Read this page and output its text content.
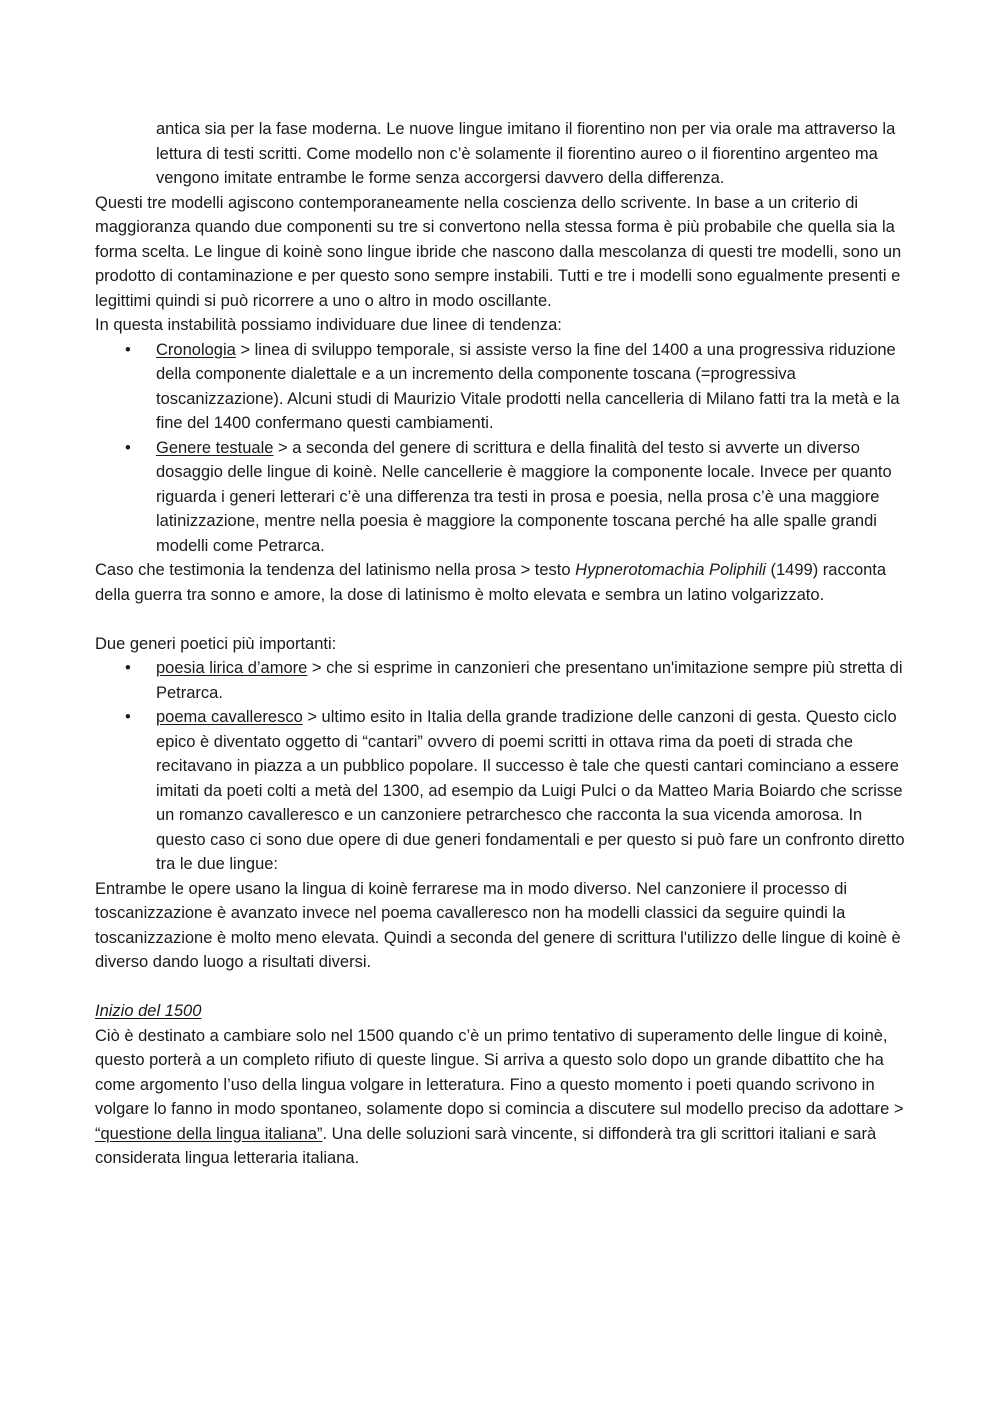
antica sia per la fase moderna. Le nuove lingue imitano il fiorentino non per via orale ma attraverso la lettura di testi scritti. Come modello non c’è solamente il fiorentino aureo o il fiorentino argenteo ma vengono imitate entrambe le forme senza accorgersi davvero della differenza.

Questi tre modelli agiscono contemporaneamente nella coscienza dello scrivente. In base a un criterio di maggioranza quando due componenti su tre si convertono nella stessa forma è più probabile che quella sia la forma scelta. Le lingue di koinè sono lingue ibride che nascono dalla mescolanza di questi tre modelli, sono un prodotto di contaminazione e per questo sono sempre instabili. Tutti e tre i modelli sono egualmente presenti e legittimi quindi si può ricorrere a uno o altro in modo oscillante.

In questa instabilità possiamo individuare due linee di tendenza:

• Cronologia > linea di sviluppo temporale, si assiste verso la fine del 1400 a una progressiva riduzione della componente dialettale e a un incremento della componente toscana (=progressiva toscanizzazione). Alcuni studi di Maurizio Vitale prodotti nella cancelleria di Milano fatti tra la metà e la fine del 1400 confermano questi cambiamenti.
• Genere testuale > a seconda del genere di scrittura e della finalità del testo si avverte un diverso dosaggio delle lingue di koinè. Nelle cancellerie è maggiore la componente locale. Invece per quanto riguarda i generi letterari c’è una differenza tra testi in prosa e poesia, nella prosa c’è una maggiore latinizzazione, mentre nella poesia è maggiore la componente toscana perché ha alle spalle grandi modelli come Petrarca.

Caso che testimonia la tendenza del latinismo nella prosa > testo Hypnerotomachia Poliphili (1499) racconta della guerra tra sonno e amore, la dose di latinismo è molto elevata e sembra un latino volgarizzato.

Due generi poetici più importanti:

• poesia lirica d’amore > che si esprime in canzonieri che presentano un'imitazione sempre più stretta di Petrarca.
• poema cavalleresco > ultimo esito in Italia della grande tradizione delle canzoni di gesta. Questo ciclo epico è diventato oggetto di “cantari” ovvero di poemi scritti in ottava rima da poeti di strada che recitavano in piazza a un pubblico popolare. Il successo è tale che questi cantari cominciano a essere imitati da poeti colti a metà del 1300, ad esempio da Luigi Pulci o da Matteo Maria Boiardo che scrisse un romanzo cavalleresco e un canzoniere petrarchesco che racconta la sua vicenda amorosa. In questo caso ci sono due opere di due generi fondamentali e per questo si può fare un confronto diretto tra le due lingue:

Entrambe le opere usano la lingua di koinè ferrarese ma in modo diverso. Nel canzoniere il processo di toscanizzazione è avanzato invece nel poema cavalleresco non ha modelli classici da seguire quindi la toscanizzazione è molto meno elevata. Quindi a seconda del genere di scrittura l'utilizzo delle lingue di koinè è diverso dando luogo a risultati diversi.

Inizio del 1500

Ciò è destinato a cambiare solo nel 1500 quando c’è un primo tentativo di superamento delle lingue di koinè, questo porterà a un completo rifiuto di queste lingue. Si arriva a questo solo dopo un grande dibattito che ha come argomento l’uso della lingua volgare in letteratura. Fino a questo momento i poeti quando scrivono in volgare lo fanno in modo spontaneo, solamente dopo si comincia a discutere sul modello preciso da adottare > “questione della lingua italiana”. Una delle soluzioni sarà vincente, si diffonderà tra gli scrittori italiani e sarà considerata lingua letteraria italiana.
